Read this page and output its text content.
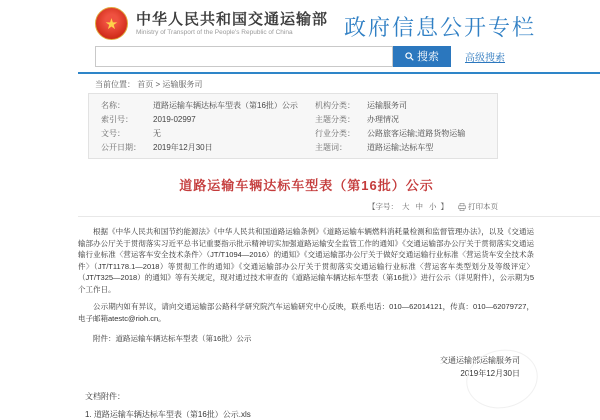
★ 中华人民共和国交通运输部
Ministry of Transport of the People's Republic of China	政府信息公开专栏
搜索	高级搜索
当前位置： 首页 > 运输服务司
名称：	道路运输车辆达标车型表（第16批）公示	机构分类：	运输服务司
索引号：	2019-02997	主题分类：	办理情况
文号：	无	行业分类：	公路旅客运输;道路货物运输
公开日期：	2019年12月30日	主题词：	道路运输;达标车型
道路运输车辆达标车型表（第16批）公示
【字号： 大 中 小 】	打印本页

根据《中华人民共和国节约能源法》《中华人民共和国道路运输条例》《道路运输车辆燃料消耗量检测和监督管理办法》，以及《交通运输部办公厅关于贯彻落实习近平总书记重要指示批示精神切实加强道路运输安全监管工作的通知》《交通运输部办公厅关于贯彻落实交通运输行业标准〈营运客车安全技术条件〉（JT/T1094—2016）的通知》《交通运输部办公厅关于做好交通运输行业标准〈营运货车安全技术条件〉（JT/T1178.1—2018）等贯彻工作的通知》《交通运输部办公厅关于贯彻落实交通运输行业标准〈营运客车类型划分及等级评定〉（JT/T325—2018）的通知》等有关规定，现对通过技术审查的《道路运输车辆达标车型表（第16批）》进行公示（详见附件），公示期为5个工作日。

公示期内如有异议，请向交通运输部公路科学研究院汽车运输研究中心反映，联系电话：010—62014121，传真：010—62079727，电子邮箱atestc@rioh.cn。

附件：道路运输车辆达标车型表（第16批）公示

交通运输部运输服务司
2019年12月30日
文档附件：
1. 道路运输车辆达标车型表（第16批）公示.xls
